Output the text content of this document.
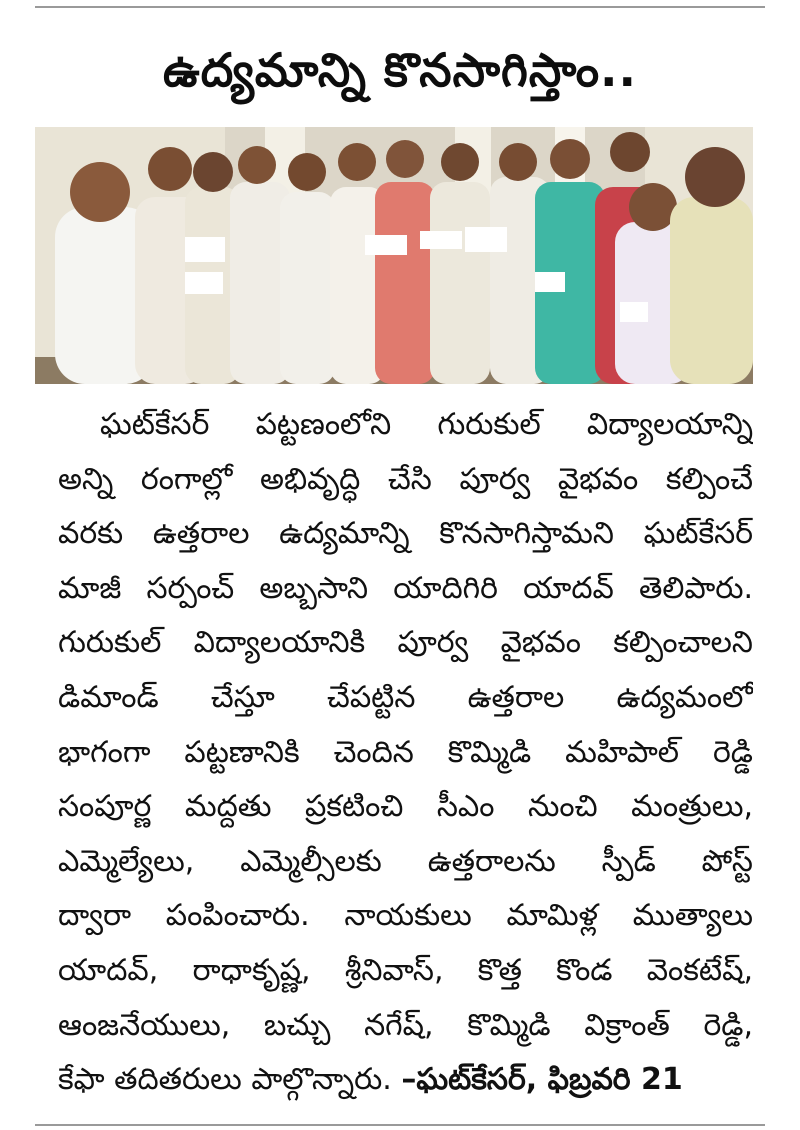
ఉద్యమాన్ని కొనసాగిస్తాం..
ఘట్‌కేసర్ పట్టణంలోని గురుకుల్ విద్యాలయాన్ని
అన్ని రంగాల్లో అభివృద్ధి చేసి పూర్వ వైభవం కల్పించే
వరకు ఉత్తరాల ఉద్యమాన్ని కొనసాగిస్తామని ఘట్‌కేసర్
మాజీ సర్పంచ్ అబ్బసాని యాదిగిరి యాదవ్ తెలిపారు.
గురుకుల్ విద్యాలయానికి పూర్వ వైభవం కల్పించాలని
డిమాండ్ చేస్తూ చేపట్టిన ఉత్తరాల ఉద్యమంలో
భాగంగా పట్టణానికి చెందిన కొమ్మిడి మహిపాల్ రెడ్డి
సంపూర్ణ మద్దతు ప్రకటించి సీఎం నుంచి మంత్రులు,
ఎమ్మెల్యేలు, ఎమ్మెల్సీలకు ఉత్తరాలను స్పీడ్ పోస్ట్
ద్వారా పంపించారు. నాయకులు మామిళ్ల ముత్యాలు
యాదవ్, రాధాకృష్ణ, శ్రీనివాస్, కొత్త కొండ వెంకటేష్,
ఆంజనేయులు, బచ్చు నగేష్, కొమ్మిడి విక్రాంత్ రెడ్డి,
కేఫా తదితరులు పాల్గొన్నారు. –ఘట్‌కేసర్, ఫిబ్రవరి 21
